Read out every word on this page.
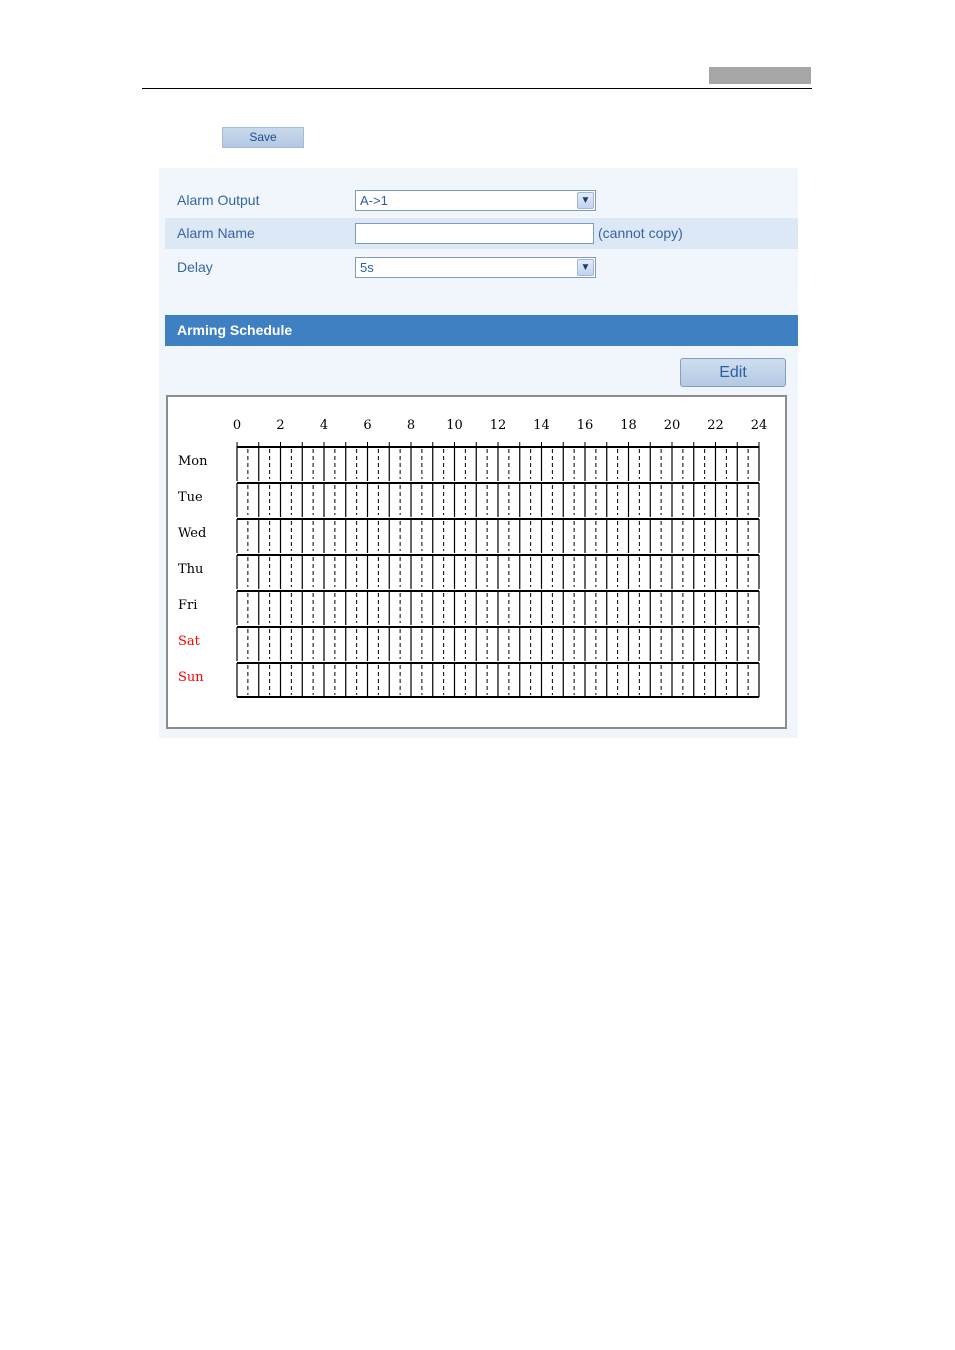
Save
Alarm Output	A->1	▼
Alarm Name	(cannot copy)
Delay	5s	▼
Arming Schedule
Edit
0	2	4	6	8 10 12 14 16 18 20 22 24
Mon
Tue
Wed
Thu
Fri
Sat
Sun
